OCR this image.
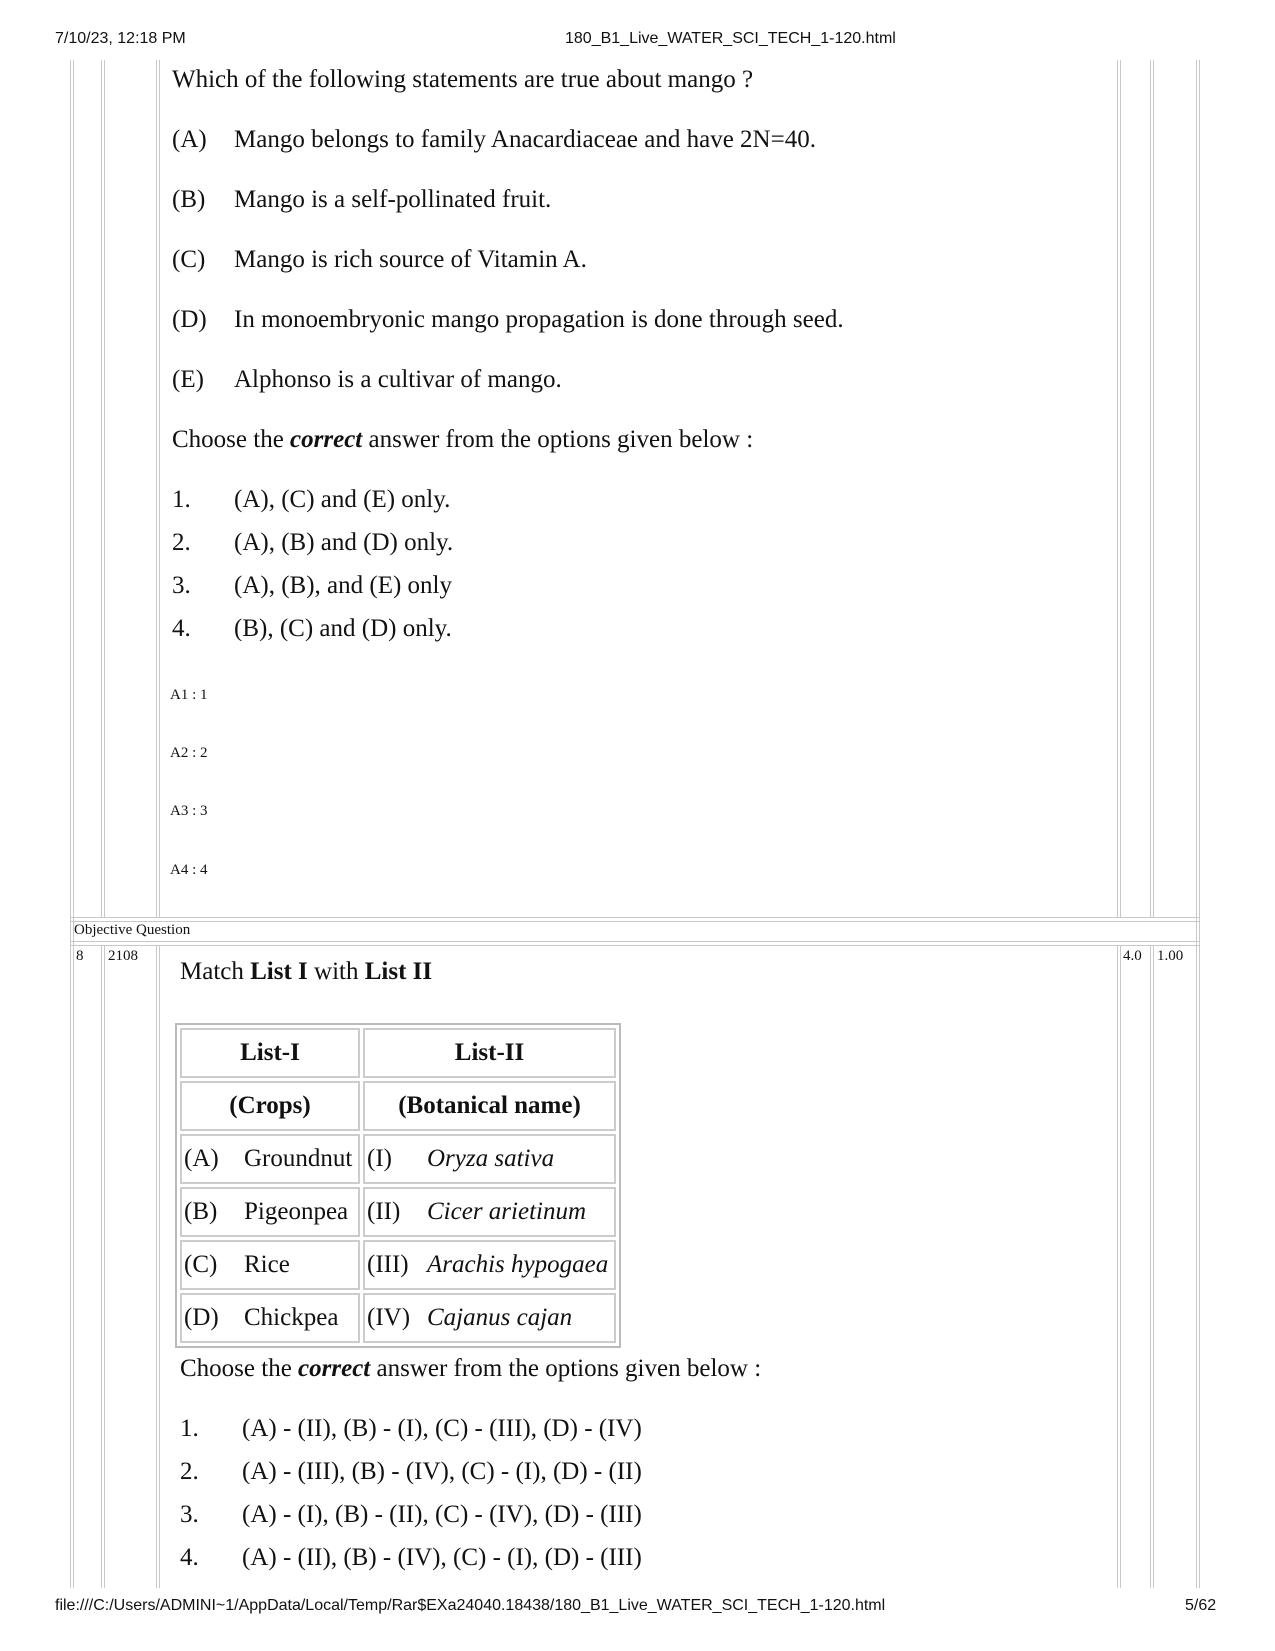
7/10/23, 12:18 PM	180_B1_Live_WATER_SCI_TECH_1-120.html
file:///C:/Users/ADMINI~1/AppData/Local/Temp/Rar$EXa24040.18438/180_B1_Live_WATER_SCI_TECH_1-120.html	5/62

Which of the following statements are true about mango ?

(A) Mango belongs to family Anacardiaceae and have 2N=40.

(B) Mango is a self-pollinated fruit.

(C) Mango is rich source of Vitamin A.

(D) In monoembryonic mango propagation is done through seed.

(E) Alphonso is a cultivar of mango.

Choose the correct answer from the options given below :

1. (A), (C) and (E) only.

2. (A), (B) and (D) only.

3. (A), (B), and (E) only

4. (B), (C) and (D) only.

A1 : 1
A2 : 2
A3 : 3
A4 : 4
Objective Question
8 2108	4.0 1.00
Match List I with List II
List-I	List-II
(Crops)	(Botanical name)
(A) Groundnut	(I) Oryza sativa
(B) Pigeonpea	(II) Cicer arietinum
(C) Rice	(III) Arachis hypogaea
(D) Chickpea	(IV) Cajanus cajan
Choose the correct answer from the options given below :
1. (A) - (II), (B) - (I), (C) - (III), (D) - (IV)
2. (A) - (III), (B) - (IV), (C) - (I), (D) - (II)
3. (A) - (I), (B) - (II), (C) - (IV), (D) - (III)
4. (A) - (II), (B) - (IV), (C) - (I), (D) - (III)
